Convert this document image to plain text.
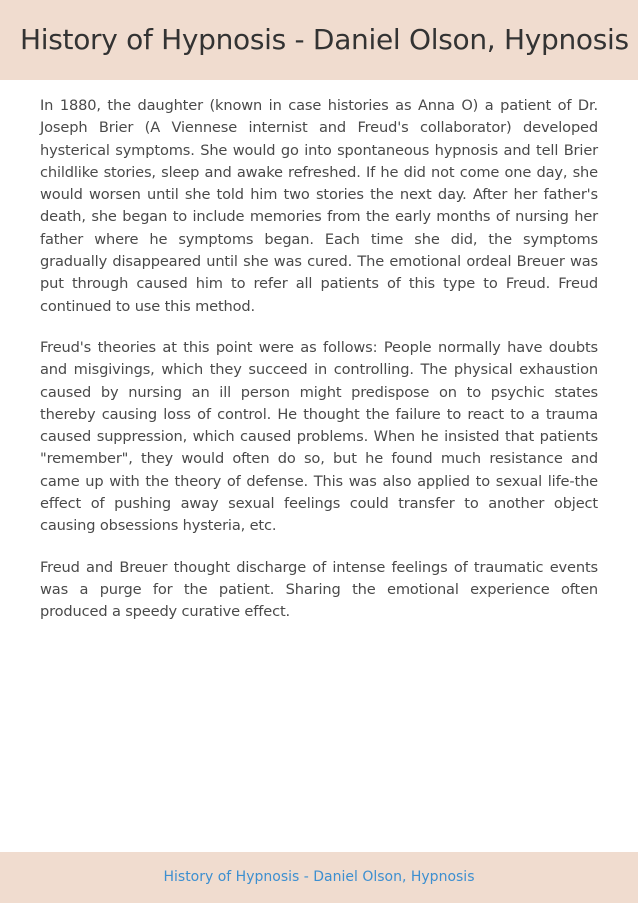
History of Hypnosis - Daniel Olson, Hypnosis

In 1880, the daughter (known in case histories as Anna O) a patient of Dr. Joseph Brier (A Viennese internist and Freud's collaborator) developed hysterical symptoms. She would go into spontaneous hypnosis and tell Brier childlike stories, sleep and awake refreshed. If he did not come one day, she would worsen until she told him two stories the next day. After her father's death, she began to include memories from the early months of nursing her father where he symptoms began. Each time she did, the symptoms gradually disappeared until she was cured. The emotional ordeal Breuer was put through caused him to refer all patients of this type to Freud. Freud continued to use this method.

Freud's theories at this point were as follows: People normally have doubts and misgivings, which they succeed in controlling. The physical exhaustion caused by nursing an ill person might predispose on to psychic states thereby causing loss of control. He thought the failure to react to a trauma caused suppression, which caused problems. When he insisted that patients "remember", they would often do so, but he found much resistance and came up with the theory of defense. This was also applied to sexual life-the effect of pushing away sexual feelings could transfer to another object causing obsessions hysteria, etc.

Freud and Breuer thought discharge of intense feelings of traumatic events was a purge for the patient. Sharing the emotional experience often produced a speedy curative effect.

History of Hypnosis - Daniel Olson, Hypnosis
